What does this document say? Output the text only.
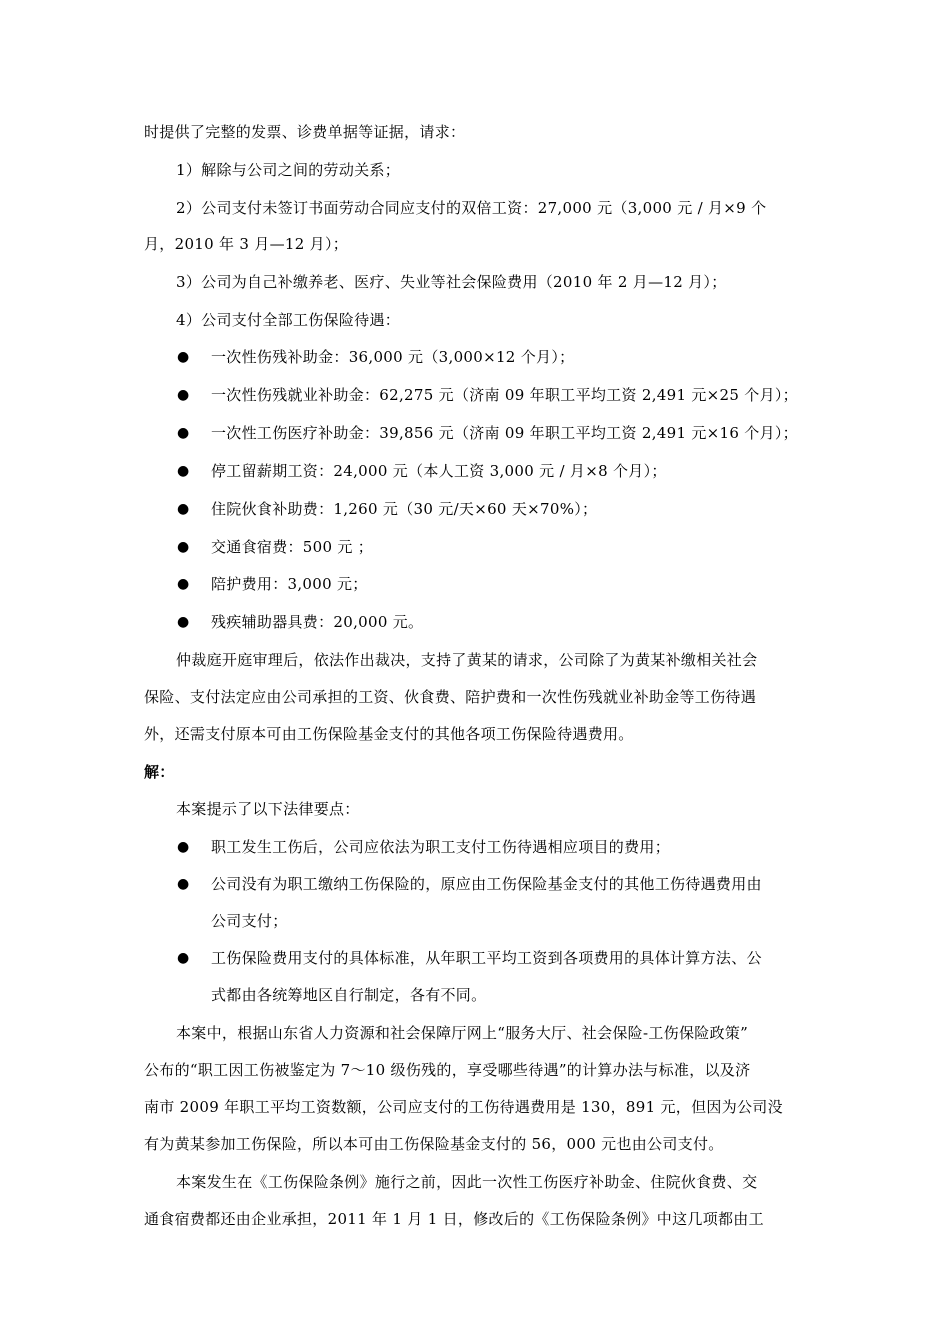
时提供了完整的发票、诊费单据等证据，请求：
1）解除与公司之间的劳动关系；
2）公司支付未签订书面劳动合同应支付的双倍工资：27,000 元（3,000 元 / 月×9 个
月，2010 年 3 月—12 月）；
3）公司为自己补缴养老、医疗、失业等社会保险费用（2010 年 2 月—12 月）；
4）公司支付全部工伤保险待遇：
● 一次性伤残补助金：36,000 元（3,000×12 个月）；
● 一次性伤残就业补助金：62,275 元（济南 09 年职工平均工资 2,491 元×25 个月）；
● 一次性工伤医疗补助金：39,856 元（济南 09 年职工平均工资 2,491 元×16 个月）；
● 停工留薪期工资：24,000 元（本人工资 3,000 元 / 月×8 个月）；
● 住院伙食补助费：1,260 元（30 元/天×60 天×70%）；
● 交通食宿费：500 元 ；
● 陪护费用：3,000 元；
● 残疾辅助器具费：20,000 元。
仲裁庭开庭审理后，依法作出裁决，支持了黄某的请求，公司除了为黄某补缴相关社会
保险、支付法定应由公司承担的工资、伙食费、陪护费和一次性伤残就业补助金等工伤待遇
外，还需支付原本可由工伤保险基金支付的其他各项工伤保险待遇费用。
解：
本案提示了以下法律要点：
● 职工发生工伤后，公司应依法为职工支付工伤待遇相应项目的费用；
● 公司没有为职工缴纳工伤保险的，原应由工伤保险基金支付的其他工伤待遇费用由
公司支付；
● 工伤保险费用支付的具体标准，从年职工平均工资到各项费用的具体计算方法、公
式都由各统筹地区自行制定，各有不同。
本案中，根据山东省人力资源和社会保障厅网上“服务大厅、社会保险-工伤保险政策”
公布的“职工因工伤被鉴定为 7～10 级伤残的，享受哪些待遇”的计算办法与标准，以及济
南市 2009 年职工平均工资数额，公司应支付的工伤待遇费用是 130，891 元，但因为公司没
有为黄某参加工伤保险，所以本可由工伤保险基金支付的 56，000 元也由公司支付。
本案发生在《工伤保险条例》施行之前，因此一次性工伤医疗补助金、住院伙食费、交
通食宿费都还由企业承担，2011 年 1 月 1 日，修改后的《工伤保险条例》中这几项都由工
